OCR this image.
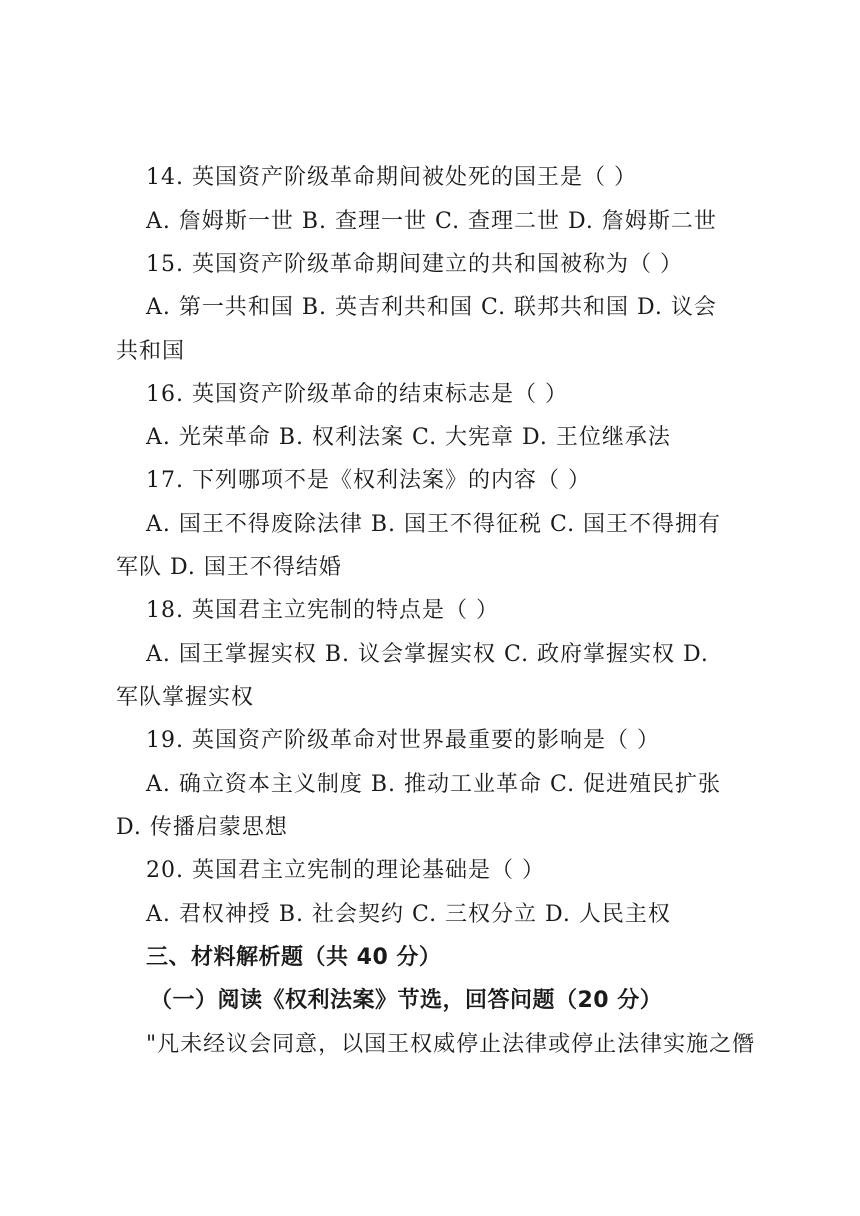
14. 英国资产阶级革命期间被处死的国王是（ ）
A. 詹姆斯一世 B. 查理一世 C. 查理二世 D. 詹姆斯二世
15. 英国资产阶级革命期间建立的共和国被称为（ ）
A. 第一共和国 B. 英吉利共和国 C. 联邦共和国 D. 议会
共和国
16. 英国资产阶级革命的结束标志是（ ）
A. 光荣革命 B. 权利法案 C. 大宪章 D. 王位继承法
17. 下列哪项不是《权利法案》的内容（ ）
A. 国王不得废除法律 B. 国王不得征税 C. 国王不得拥有
军队 D. 国王不得结婚
18. 英国君主立宪制的特点是（ ）
A. 国王掌握实权 B. 议会掌握实权 C. 政府掌握实权 D.
军队掌握实权
19. 英国资产阶级革命对世界最重要的影响是（ ）
A. 确立资本主义制度 B. 推动工业革命 C. 促进殖民扩张
D. 传播启蒙思想
20. 英国君主立宪制的理论基础是（ ）
A. 君权神授 B. 社会契约 C. 三权分立 D. 人民主权
三、材料解析题（共 40 分）
（一）阅读《权利法案》节选，回答问题（20 分）
"凡未经议会同意，以国王权威停止法律或停止法律实施之僭
